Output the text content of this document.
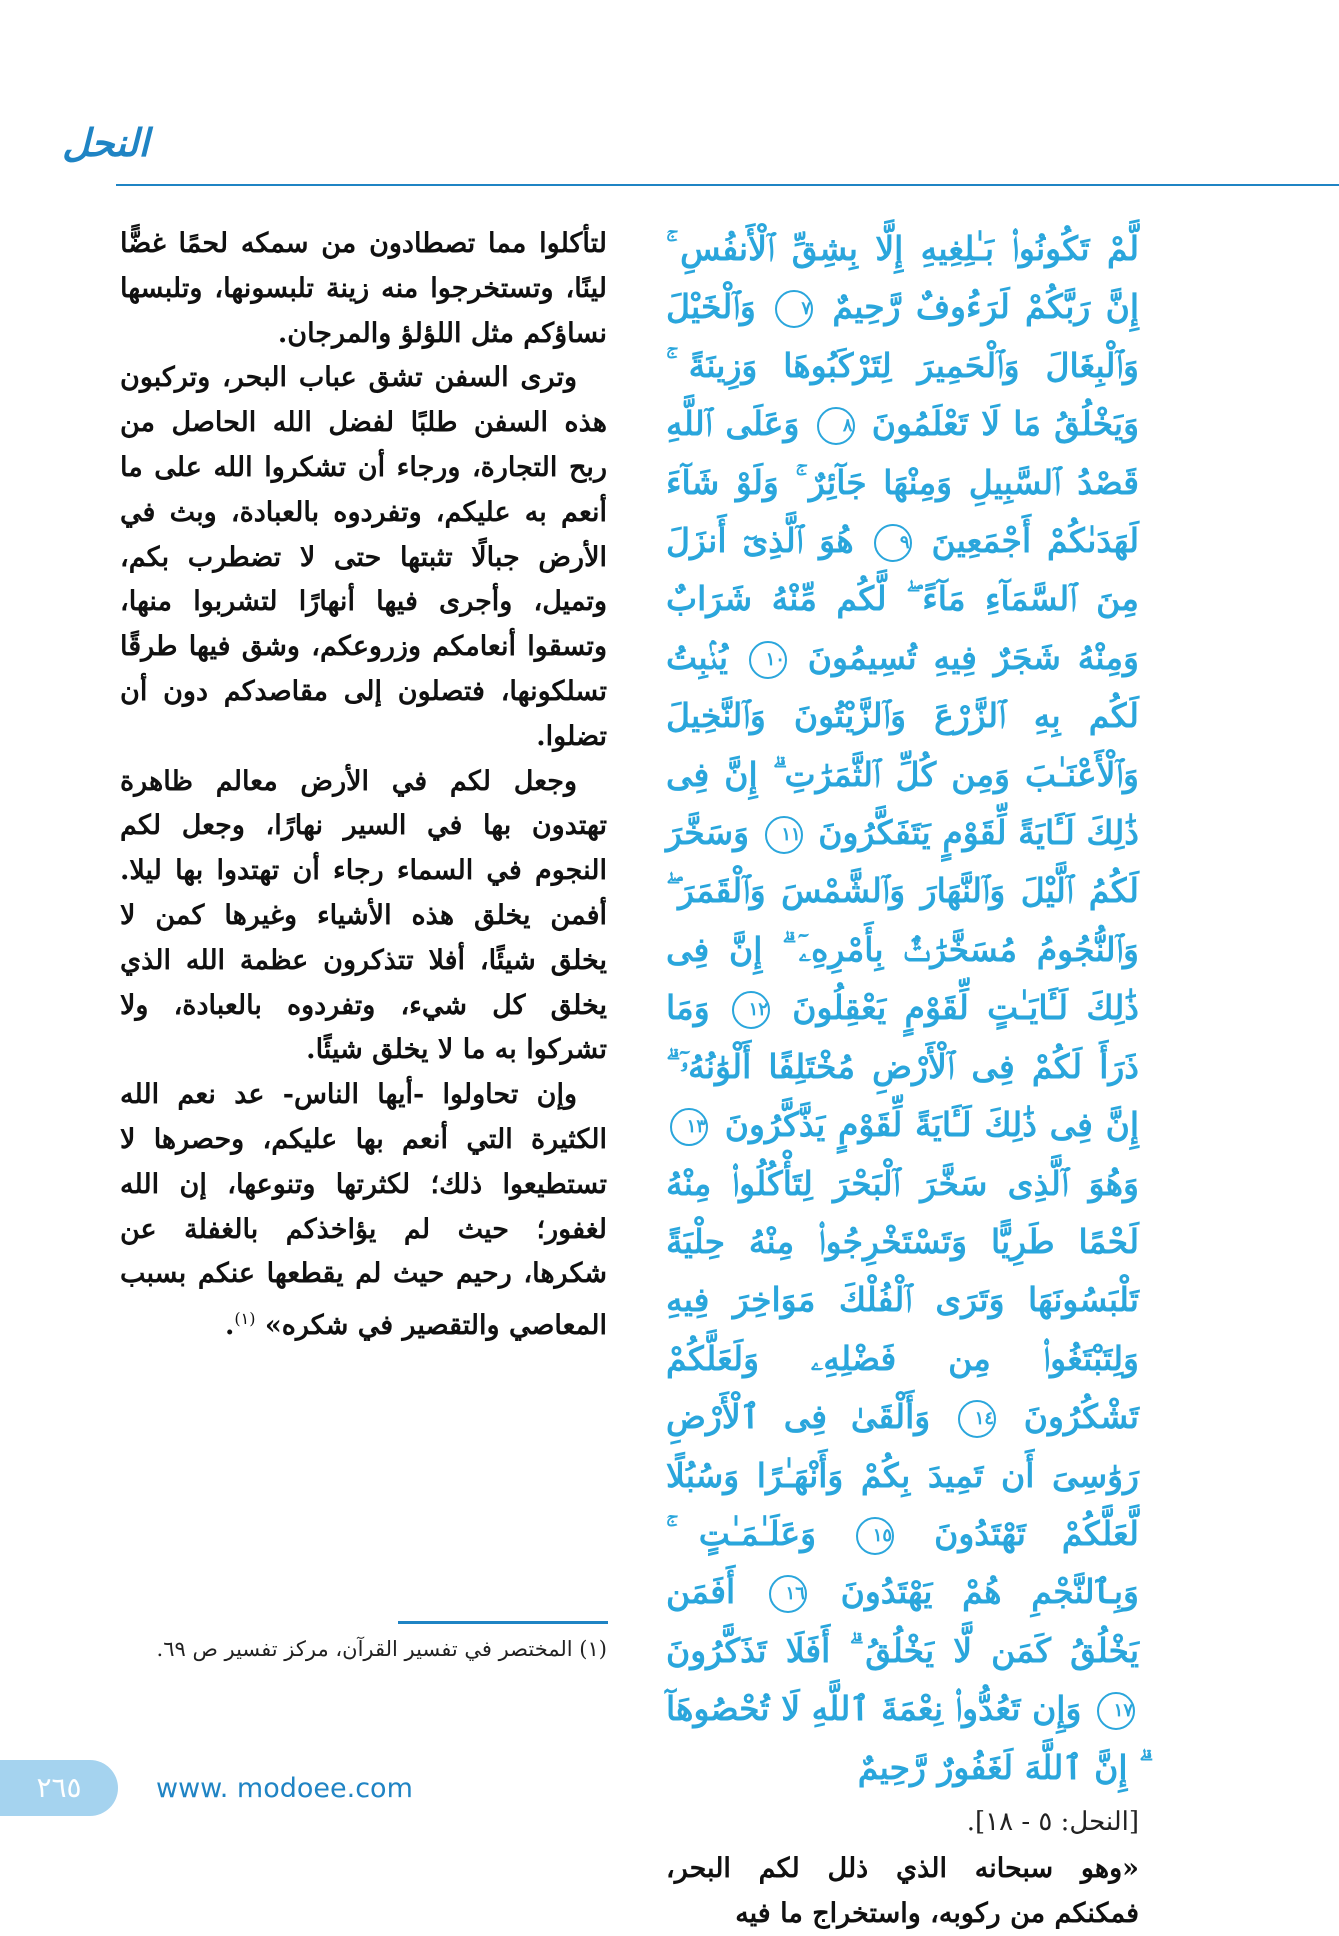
النحل
لَّمْ تَكُونُوا۟ بَـٰلِغِيهِ إِلَّا بِشِقِّ ٱلْأَنفُسِ ۚ إِنَّ رَبَّكُمْ لَرَءُوفٌ رَّحِيمٌ ٧ وَٱلْخَيْلَ وَٱلْبِغَالَ وَٱلْحَمِيرَ لِتَرْكَبُوهَا وَزِينَةً ۚ وَيَخْلُقُ مَا لَا تَعْلَمُونَ ٨ وَعَلَى ٱللَّهِ قَصْدُ ٱلسَّبِيلِ وَمِنْهَا جَآئِرٌ ۚ وَلَوْ شَآءَ لَهَدَىٰكُمْ أَجْمَعِينَ ٩ هُوَ ٱلَّذِىٓ أَنزَلَ مِنَ ٱلسَّمَآءِ مَآءً ۖ لَّكُم مِّنْهُ شَرَابٌ وَمِنْهُ شَجَرٌ فِيهِ تُسِيمُونَ ١٠ يُنۢبِتُ لَكُم بِهِ ٱلزَّرْعَ وَٱلزَّيْتُونَ وَٱلنَّخِيلَ وَٱلْأَعْنَـٰبَ وَمِن كُلِّ ٱلثَّمَرَٰتِ ۗ إِنَّ فِى ذَٰلِكَ لَـَٔايَةً لِّقَوْمٍ يَتَفَكَّرُونَ ١١ وَسَخَّرَ لَكُمُ ٱلَّيْلَ وَٱلنَّهَارَ وَٱلشَّمْسَ وَٱلْقَمَرَ ۖ وَٱلنُّجُومُ مُسَخَّرَٰتٌۢ بِأَمْرِهِۦٓ ۗ إِنَّ فِى ذَٰلِكَ لَـَٔايَـٰتٍ لِّقَوْمٍ يَعْقِلُونَ ١٢ وَمَا ذَرَأَ لَكُمْ فِى ٱلْأَرْضِ مُخْتَلِفًا أَلْوَٰنُهُۥٓ ۗ إِنَّ فِى ذَٰلِكَ لَـَٔايَةً لِّقَوْمٍ يَذَّكَّرُونَ ١٣ وَهُوَ ٱلَّذِى سَخَّرَ ٱلْبَحْرَ لِتَأْكُلُوا۟ مِنْهُ لَحْمًا طَرِيًّا وَتَسْتَخْرِجُوا۟ مِنْهُ حِلْيَةً تَلْبَسُونَهَا وَتَرَى ٱلْفُلْكَ مَوَاخِرَ فِيهِ وَلِتَبْتَغُوا۟ مِن فَضْلِهِۦ وَلَعَلَّكُمْ تَشْكُرُونَ ١٤ وَأَلْقَىٰ فِى ٱلْأَرْضِ رَوَٰسِىَ أَن تَمِيدَ بِكُمْ وَأَنْهَـٰرًا وَسُبُلًا لَّعَلَّكُمْ تَهْتَدُونَ ١٥ وَعَلَـٰمَـٰتٍ ۚ وَبِٱلنَّجْمِ هُمْ يَهْتَدُونَ ١٦ أَفَمَن يَخْلُقُ كَمَن لَّا يَخْلُقُ ۗ أَفَلَا تَذَكَّرُونَ ١٧ وَإِن تَعُدُّوا۟ نِعْمَةَ ٱللَّهِ لَا تُحْصُوهَآ ۗ إِنَّ ٱللَّهَ لَغَفُورٌ رَّحِيمٌ

[النحل: ٥ - ١٨].

«وهو سبحانه الذي ذلل لكم البحر، فمكنكم من ركوبه، واستخراج ما فيه

لتأكلوا مما تصطادون من سمكه لحمًا غضًّا لينًا، وتستخرجوا منه زينة تلبسونها، وتلبسها نساؤكم مثل اللؤلؤ والمرجان.

وترى السفن تشق عباب البحر، وتركبون هذه السفن طلبًا لفضل الله الحاصل من ربح التجارة، ورجاء أن تشكروا الله على ما أنعم به عليكم، وتفردوه بالعبادة، وبث في الأرض جبالًا تثبتها حتى لا تضطرب بكم، وتميل، وأجرى فيها أنهارًا لتشربوا منها، وتسقوا أنعامكم وزروعكم، وشق فيها طرقًا تسلكونها، فتصلون إلى مقاصدكم دون أن تضلوا.

وجعل لكم في الأرض معالم ظاهرة تهتدون بها في السير نهارًا، وجعل لكم النجوم في السماء رجاء أن تهتدوا بها ليلا. أفمن يخلق هذه الأشياء وغيرها كمن لا يخلق شيئًا، أفلا تتذكرون عظمة الله الذي يخلق كل شيء، وتفردوه بالعبادة، ولا تشركوا به ما لا يخلق شيئًا.

وإن تحاولوا -أيها الناس- عد نعم الله الكثيرة التي أنعم بها عليكم، وحصرها لا تستطيعوا ذلك؛ لكثرتها وتنوعها، إن الله لغفور؛ حيث لم يؤاخذكم بالغفلة عن شكرها، رحيم حيث لم يقطعها عنكم بسبب المعاصي والتقصير في شكره» $^{(١)}$.

(١) المختصر في تفسير القرآن، مركز تفسير ص ٦٩.
٢٦٥	www. modoee.com
